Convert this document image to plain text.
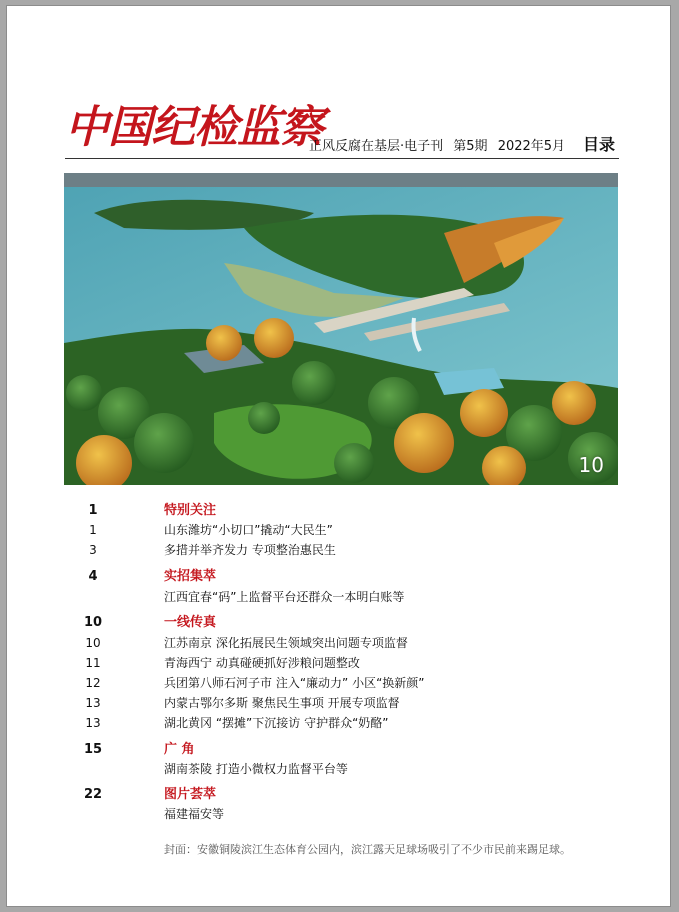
中国纪检监察
正风反腐在基层·电子刊 第5期 2022年5月	目录
10
1	特别关注
1	山东潍坊“小切口”撬动“大民生”
3	多措并举齐发力 专项整治惠民生
4	实招集萃
江西宜春“码”上监督平台还群众一本明白账等
10	一线传真
10	江苏南京 深化拓展民生领域突出问题专项监督
11	青海西宁 动真碰硬抓好涉粮问题整改
12	兵团第八师石河子市 注入“廉动力” 小区“换新颜”
13	内蒙古鄂尔多斯 聚焦民生事项 开展专项监督
13	湖北黄冈 “摆摊”下沉接访 守护群众“奶酪”
15	广 角
湖南茶陵 打造小微权力监督平台等
22	图片荟萃
福建福安等
封面：安徽铜陵滨江生态体育公园内，滨江露天足球场吸引了不少市民前来踢足球。
